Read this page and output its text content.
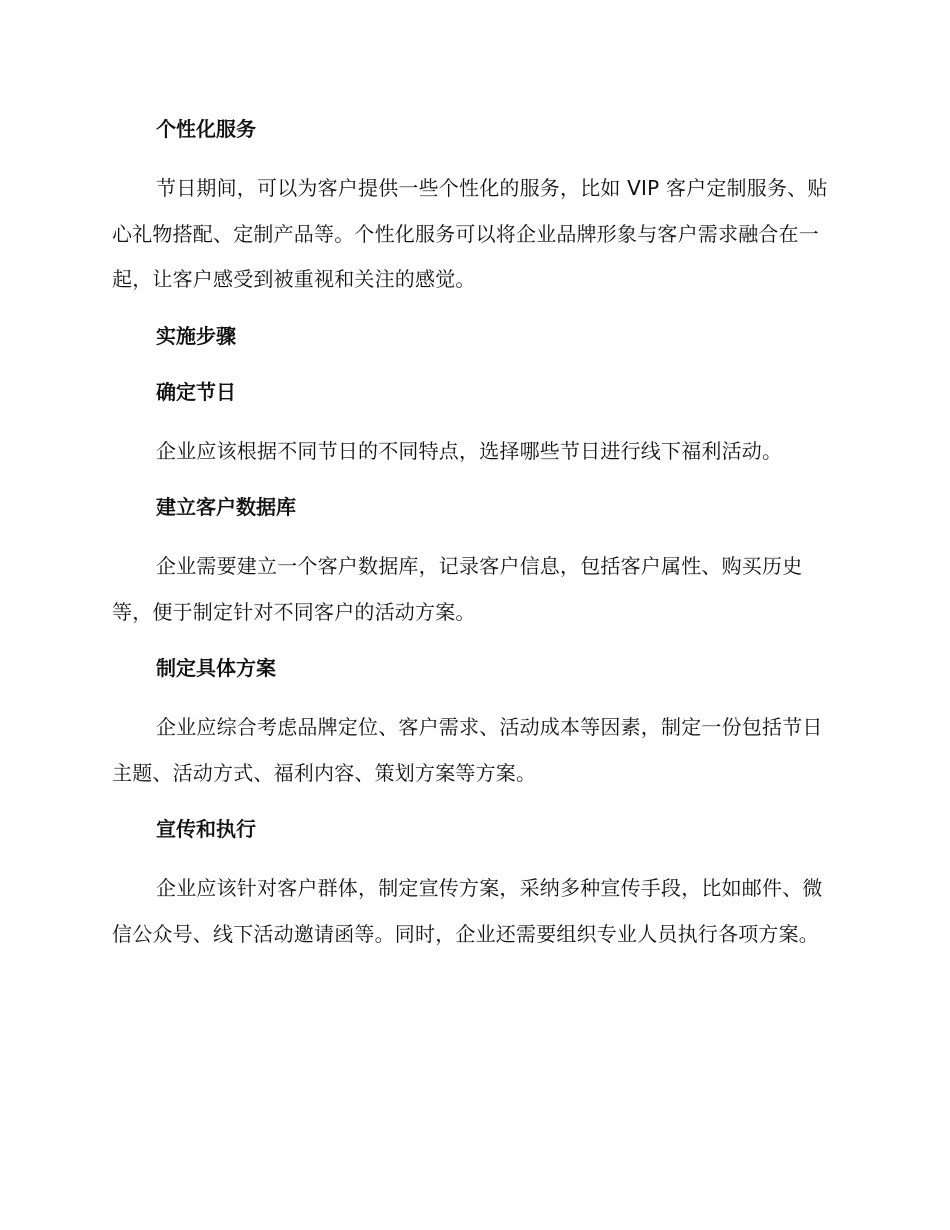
个性化服务

节日期间，可以为客户提供一些个性化的服务，比如 VIP 客户定制服务、贴心礼物搭配、定制产品等。个性化服务可以将企业品牌形象与客户需求融合在一起，让客户感受到被重视和关注的感觉。

实施步骤
确定节日

企业应该根据不同节日的不同特点，选择哪些节日进行线下福利活动。

建立客户数据库

企业需要建立一个客户数据库，记录客户信息，包括客户属性、购买历史等，便于制定针对不同客户的活动方案。

制定具体方案

企业应综合考虑品牌定位、客户需求、活动成本等因素，制定一份包括节日主题、活动方式、福利内容、策划方案等方案。

宣传和执行

企业应该针对客户群体，制定宣传方案，采纳多种宣传手段，比如邮件、微信公众号、线下活动邀请函等。同时，企业还需要组织专业人员执行各项方案。
